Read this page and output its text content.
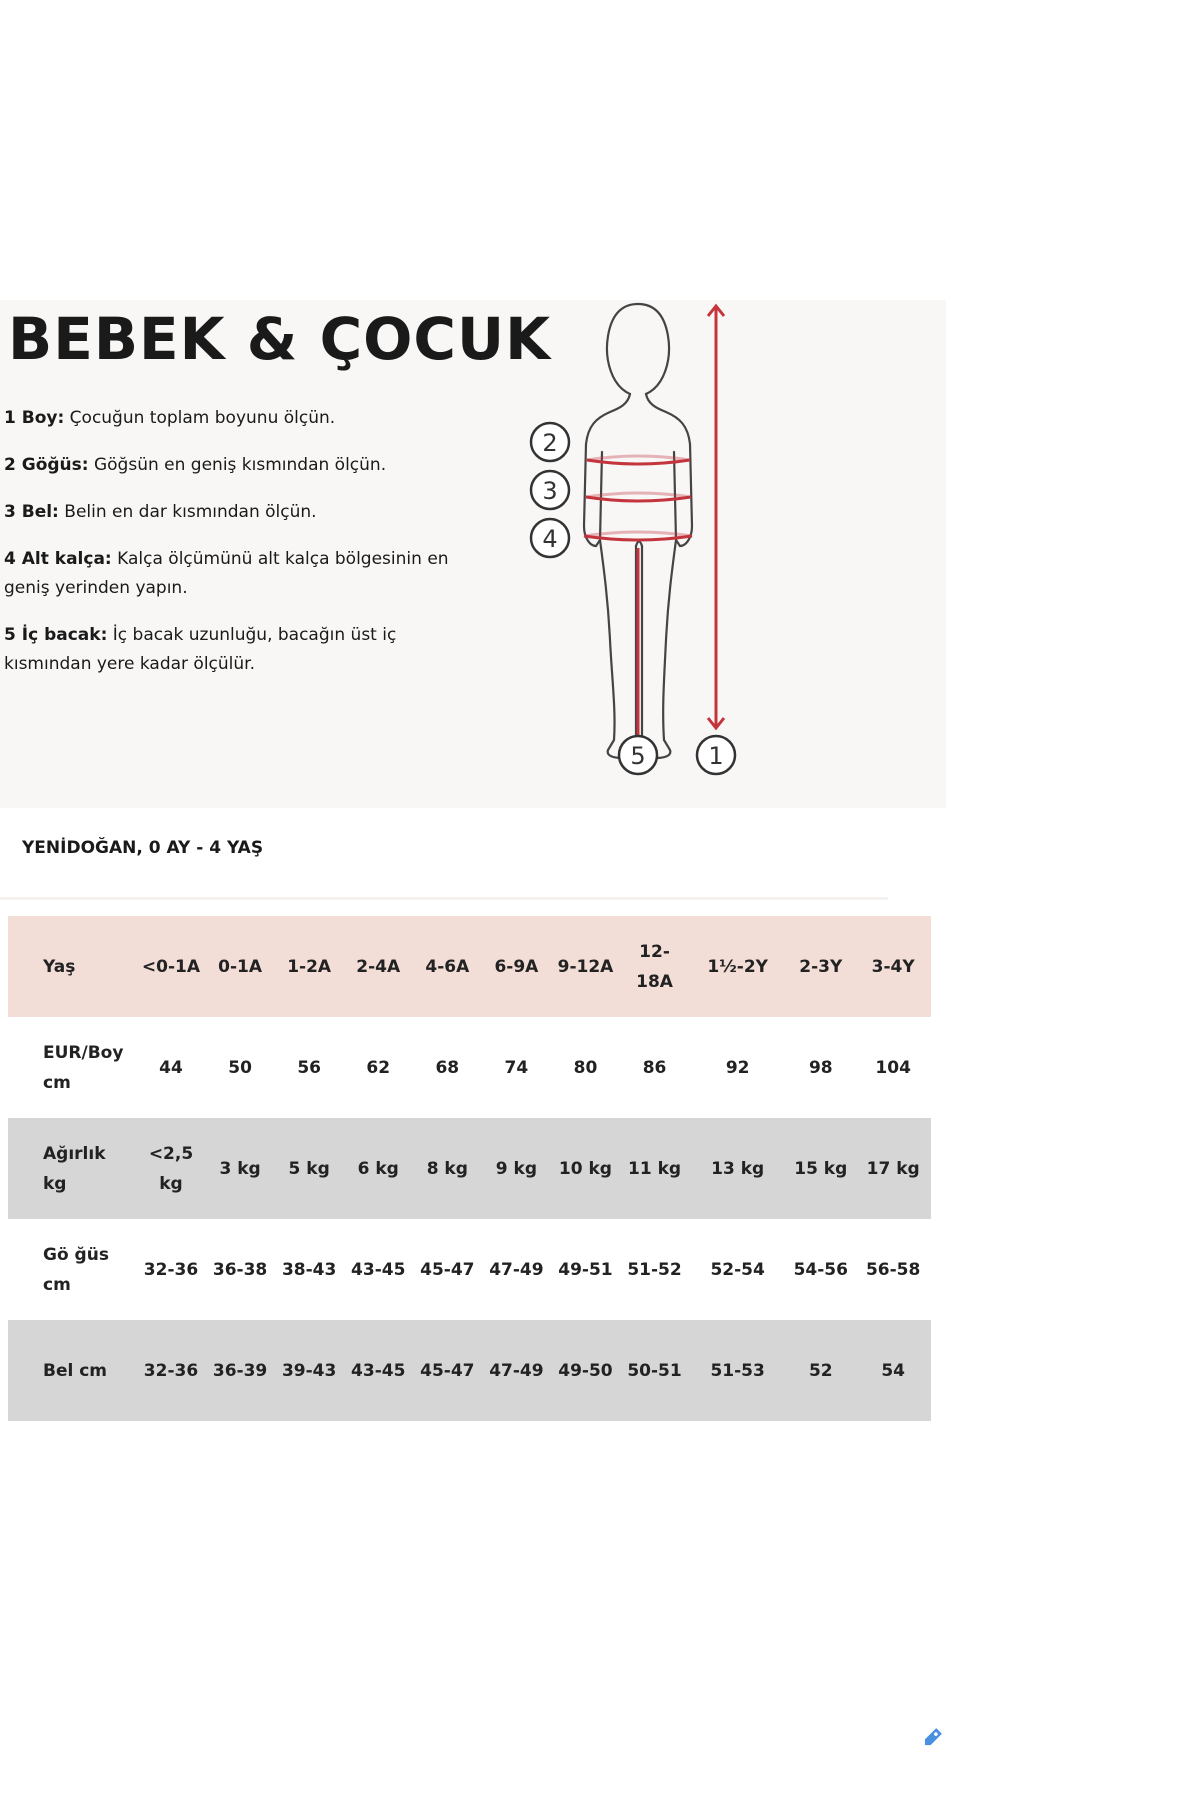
BEBEK & ÇOCUK

1 Boy: Çocuğun toplam boyunu ölçün.

2 Göğüs: Göğsün en geniş kısmından ölçün.

3 Bel: Belin en dar kısmından ölçün.

4 Alt kalça: Kalça ölçümünü alt kalça bölgesinin en geniş yerinden yapın.

5 İç bacak: İç bacak uzunluğu, bacağın üst iç kısmından yere kadar ölçülür.

2
3
4
5	1
YENİDOĞAN, 0 AY - 4 YAŞ
Yaş	<0-1A	0-1A	1-2A	2-4A	4-6A	6-9A	9-12A	12-18A	1½-2Y	2-3Y	3-4Y
EUR/Boy cm	44	50	56	62	68	74	80	86	92	98	104
Ağırlık kg	<2,5 kg	3 kg	5 kg	6 kg	8 kg	9 kg	10 kg	11 kg	13 kg	15 kg	17 kg
Gö ğüs cm	32-36	36-38	38-43	43-45	45-47	47-49	49-51	51-52	52-54	54-56	56-58
Bel cm	32-36	36-39	39-43	43-45	45-47	47-49	49-50	50-51	51-53	52	54
